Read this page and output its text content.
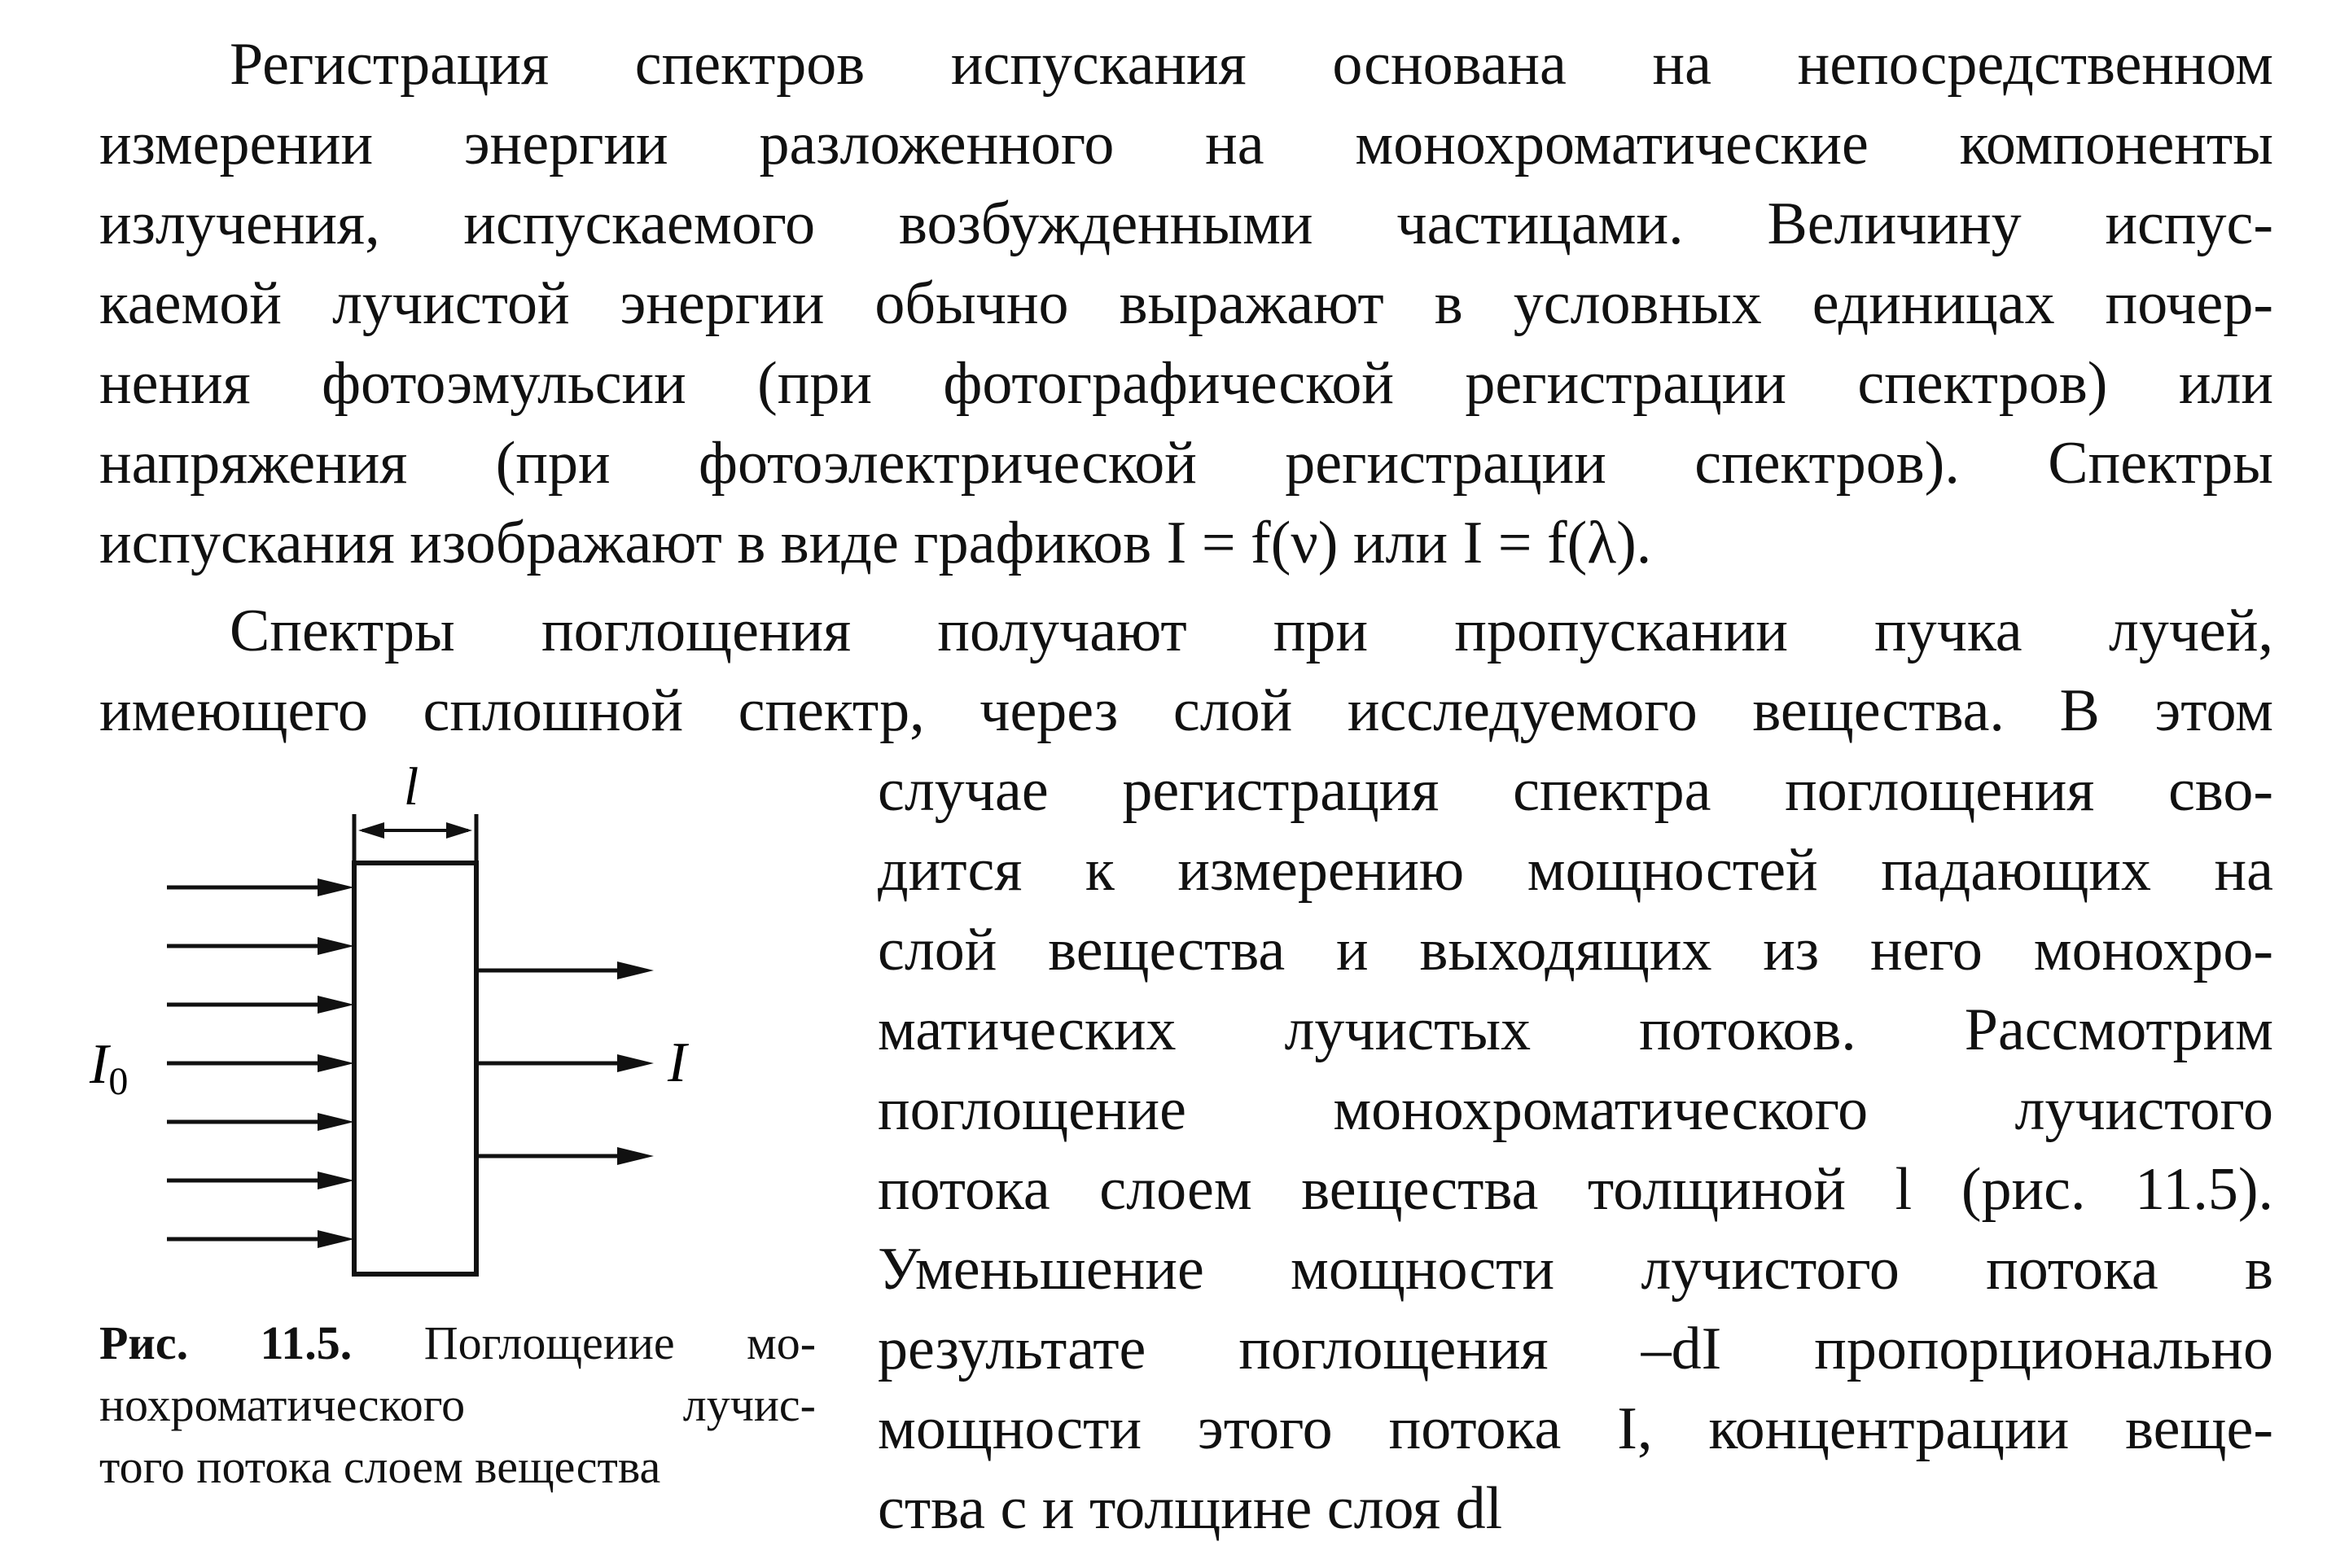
Регистрация спектров испускания основана на непосредственном
измерении энергии разложенного на монохроматические компоненты
излучения, испускаемого возбужденными частицами. Величину испус-
каемой лучистой энергии обычно выражают в условных единицах почер-
нения фотоэмульсии (при фотографической регистрации спектров) или
напряжения (при фотоэлектрической регистрации спектров). Спектры
испускания изображают в виде графиков I = f(ν) или I = f(λ).
Спектры поглощения получают при пропускании пучка лучей,
имеющего сплошной спектр, через слой исследуемого вещества. В этом
l
$I_0$	I
случае регистрация спектра поглощения сво-
дится к измерению мощностей падающих на
слой вещества и выходящих из него монохро-
матических лучистых потоков. Рассмотрим
поглощение монохроматического лучистого
потока слоем вещества толщиной l (рис. 11.5).
Уменьшение мощности лучистого потока в
результате поглощения –dI пропорционально
мощности этого потока I, концентрации веще-
ства c и толщине слоя dl
Рис. 11.5. Поглощеиие мо-
нохроматического лучис-
того потока слоем вещества
